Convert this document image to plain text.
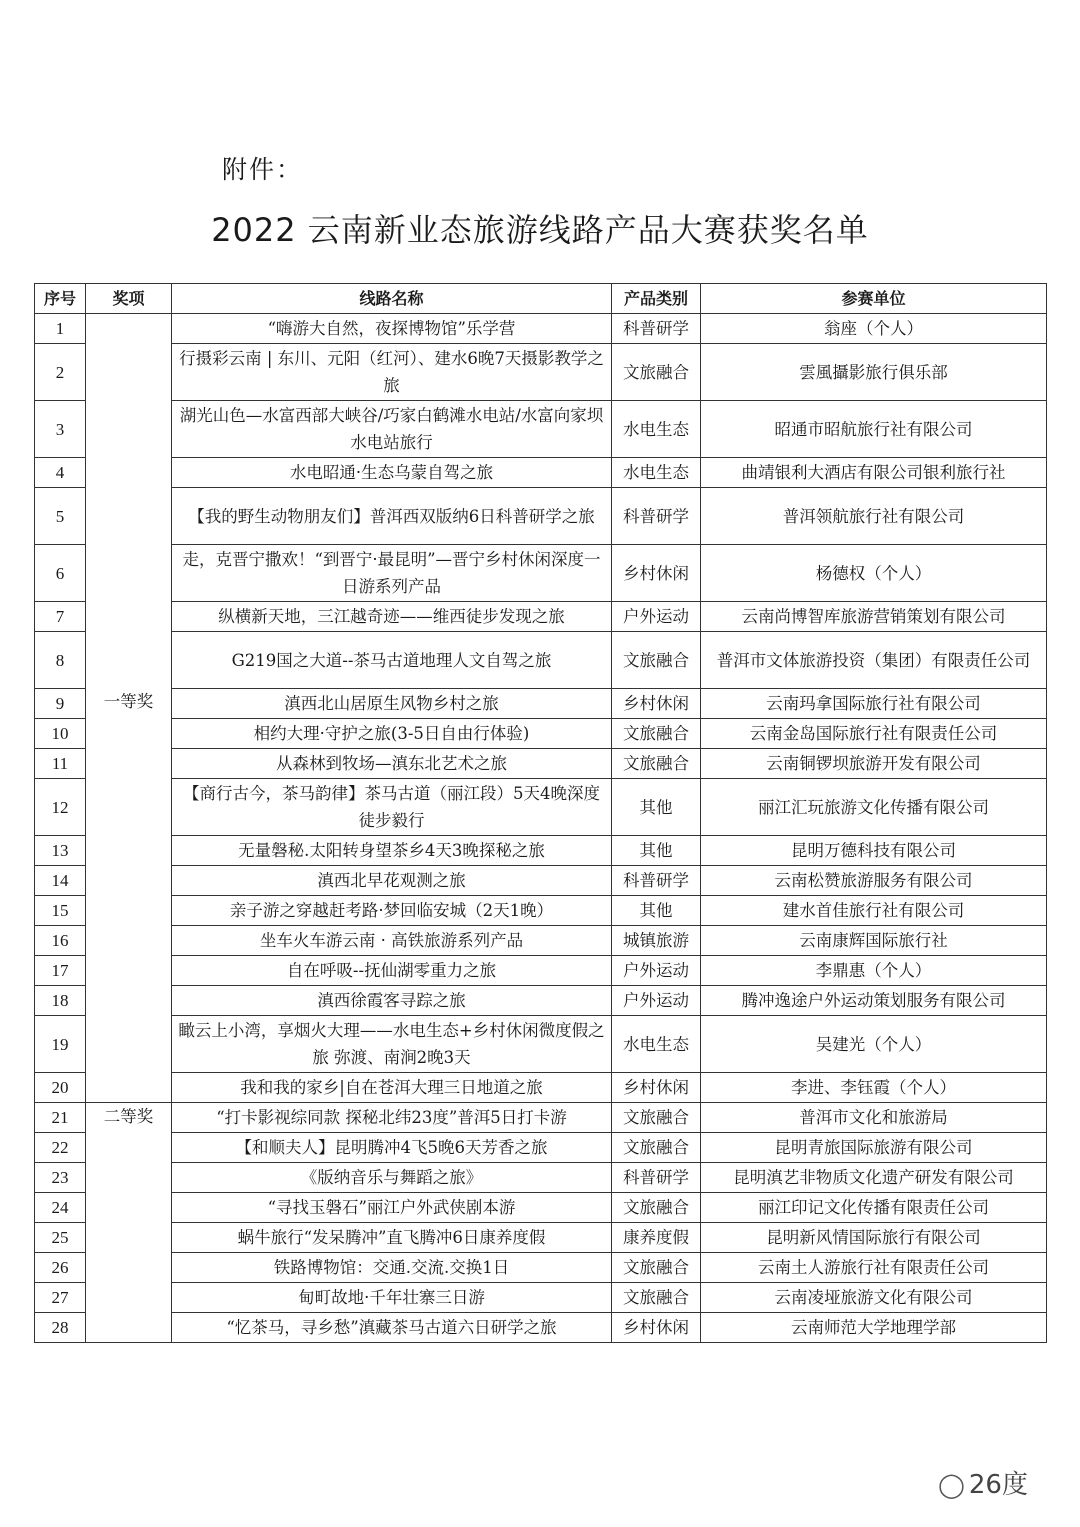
附件：
2022 云南新业态旅游线路产品大赛获奖名单
序号	奖项	线路名称	产品类别	参赛单位
1	一等奖	“嗨游大自然，夜探博物馆”乐学营	科普研学	翁座（个人）
2		行摄彩云南 | 东川、元阳（红河）、建水6晚7天摄影教学之旅	文旅融合	雲風攝影旅行俱乐部
3		湖光山色—水富西部大峡谷/巧家白鹤滩水电站/水富向家坝水电站旅行	水电生态	昭通市昭航旅行社有限公司
4		水电昭通·生态乌蒙自驾之旅	水电生态	曲靖银利大酒店有限公司银利旅行社
5		【我的野生动物朋友们】普洱西双版纳6日科普研学之旅	科普研学	普洱领航旅行社有限公司
6		走，克晋宁撒欢！“到晋宁·最昆明”—晋宁乡村休闲深度一日游系列产品	乡村休闲	杨德权（个人）
7		纵横新天地，三江越奇迹——维西徒步发现之旅	户外运动	云南尚博智库旅游营销策划有限公司
8		G219国之大道--茶马古道地理人文自驾之旅	文旅融合	普洱市文体旅游投资（集团）有限责任公司
9		滇西北山居原生风物乡村之旅	乡村休闲	云南玛拿国际旅行社有限公司
10		相约大理·守护之旅(3-5日自由行体验)	文旅融合	云南金岛国际旅行社有限责任公司
11		从森林到牧场—滇东北艺术之旅	文旅融合	云南铜锣坝旅游开发有限公司
12		【商行古今，茶马韵律】茶马古道（丽江段）5天4晚深度徒步毅行	其他	丽江汇玩旅游文化传播有限公司
13		无量磐秘.太阳转身望茶乡4天3晚探秘之旅	其他	昆明万德科技有限公司
14		滇西北早花观测之旅	科普研学	云南松赞旅游服务有限公司
15		亲子游之穿越赶考路·梦回临安城（2天1晚）	其他	建水首佳旅行社有限公司
16		坐车火车游云南 · 高铁旅游系列产品	城镇旅游	云南康辉国际旅行社
17		自在呼吸--抚仙湖零重力之旅	户外运动	李鼎惠（个人）
18		滇西徐霞客寻踪之旅	户外运动	腾冲逸途户外运动策划服务有限公司
19		瞰云上小湾，享烟火大理——水电生态+乡村休闲微度假之旅 弥渡、南涧2晚3天	水电生态	吴建光（个人）
20		我和我的家乡|自在苍洱大理三日地道之旅	乡村休闲	李进、李钰霞（个人）
21	二等奖	“打卡影视综同款 探秘北纬23度”普洱5日打卡游	文旅融合	普洱市文化和旅游局
22		【和顺夫人】昆明腾冲4飞5晚6天芳香之旅	文旅融合	昆明青旅国际旅游有限公司
23		《版纳音乐与舞蹈之旅》	科普研学	昆明滇艺非物质文化遗产研发有限公司
24		“寻找玉磐石”丽江户外武侠剧本游	文旅融合	丽江印记文化传播有限责任公司
25		蜗牛旅行“发呆腾冲”直飞腾冲6日康养度假	康养度假	昆明新风情国际旅行有限公司
26		铁路博物馆：交通.交流.交换1日	文旅融合	云南土人游旅行社有限责任公司
27		甸町故地·千年壮寨三日游	文旅融合	云南凌垭旅游文化有限公司
28		“忆茶马，寻乡愁”滇藏茶马古道六日研学之旅	乡村休闲	云南师范大学地理学部
◯ 26度
